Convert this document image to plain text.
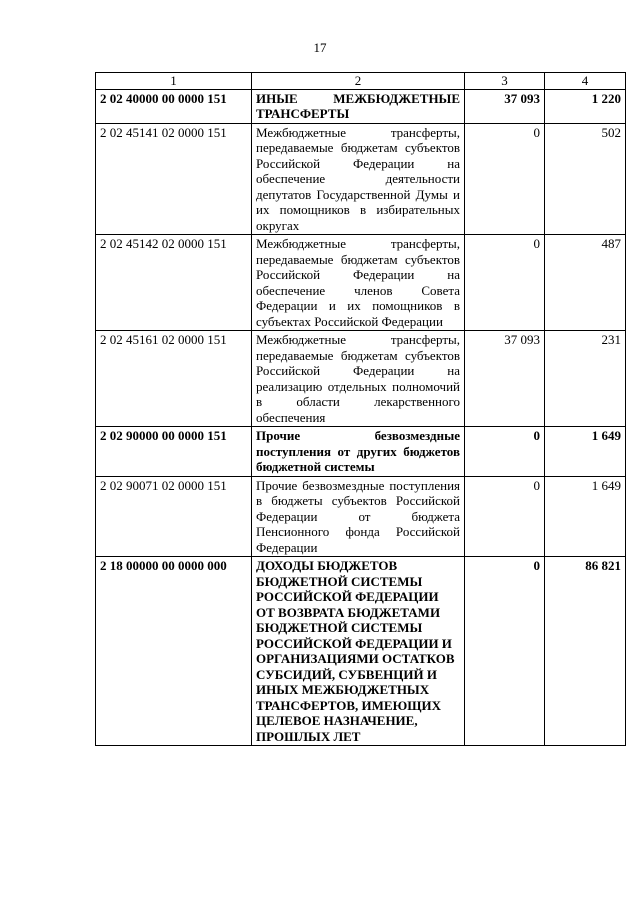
17
1	2	3	4
2 02 40000 00 0000 151	ИНЫЕ МЕЖБЮДЖЕТНЫЕ ТРАНСФЕРТЫ	37 093	1 220
2 02 45141 02 0000 151	Межбюджетные трансферты, передаваемые бюджетам субъектов Российской Федерации на обеспечение деятельности депутатов Государственной Думы и их помощников в избирательных округах	0	502
2 02 45142 02 0000 151	Межбюджетные трансферты, передаваемые бюджетам субъектов Российской Федерации на обеспечение членов Совета Федерации и их помощников в субъектах Российской Федерации	0	487
2 02 45161 02 0000 151	Межбюджетные трансферты, передаваемые бюджетам субъектов Российской Федерации на реализацию отдельных полномочий в области лекарственного обеспечения	37 093	231
2 02 90000 00 0000 151	Прочие безвозмездные поступления от других бюджетов бюджетной системы	0	1 649
2 02 90071 02 0000 151	Прочие безвозмездные поступления в бюджеты субъектов Российской Федерации от бюджета Пенсионного фонда Российской Федерации	0	1 649
2 18 00000 00 0000 000	ДОХОДЫ БЮДЖЕТОВ БЮДЖЕТНОЙ СИСТЕМЫ РОССИЙСКОЙ ФЕДЕРАЦИИ ОТ ВОЗВРАТА БЮДЖЕТАМИ БЮДЖЕТНОЙ СИСТЕМЫ РОССИЙСКОЙ ФЕДЕРАЦИИ И ОРГАНИЗАЦИЯМИ ОСТАТКОВ СУБСИДИЙ, СУБВЕНЦИЙ И ИНЫХ МЕЖБЮДЖЕТНЫХ ТРАНСФЕРТОВ, ИМЕЮЩИХ ЦЕЛЕВОЕ НАЗНАЧЕНИЕ, ПРОШЛЫХ ЛЕТ	0	86 821
